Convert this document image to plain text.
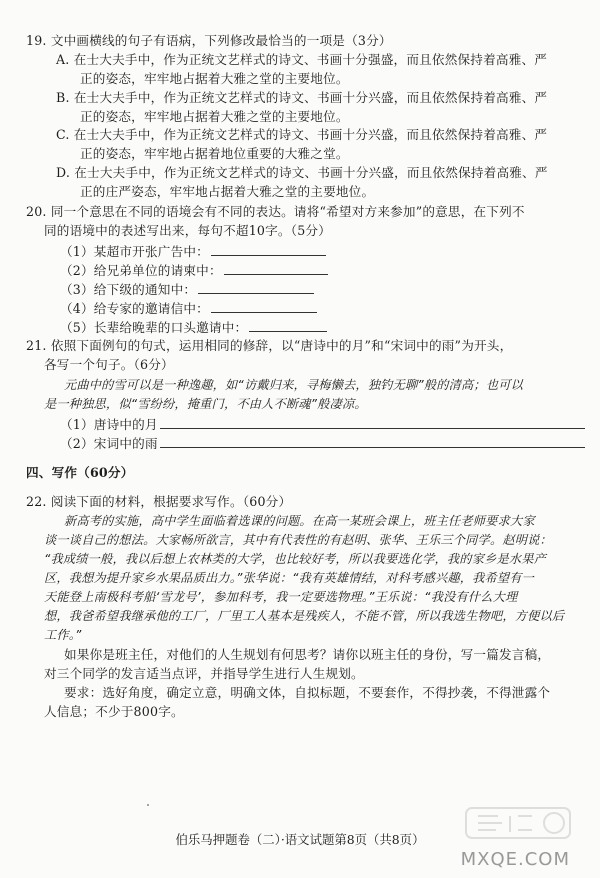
19. 文中画横线的句子有语病，下列修改最恰当的一项是（3分）
A. 在士大夫手中，作为正统文艺样式的诗文、书画十分强盛，而且依然保持着高雅、严
正的姿态，牢牢地占据着大雅之堂的主要地位。
B. 在士大夫手中，作为正统文艺样式的诗文、书画十分兴盛，而且依然保持着高雅、严
正的姿态，牢牢地占据着大雅之堂的主要地位。
C. 在士大夫手中，作为正统文艺样式的诗文、书画十分兴盛，而且依然保持着高雅、严
正的姿态，牢牢地占据着地位重要的大雅之堂。
D. 在士大夫手中，作为正统文艺样式的诗文、书画十分兴盛，而且依然保持着高雅、严
正的庄严姿态，牢牢地占据着大雅之堂的主要地位。
20. 同一个意思在不同的语境会有不同的表达。请将“希望对方来参加”的意思，在下列不
同的语境中的表述写出来，每句不超10字。（5分）
（1）某超市开张广告中：
（2）给兄弟单位的请柬中：
（3）给下级的通知中：
（4）给专家的邀请信中：
（5）长辈给晚辈的口头邀请中：
21. 依照下面例句的句式，运用相同的修辞，以“唐诗中的月”和“宋词中的雨”为开头，
各写一个句子。（6分）
元曲中的雪可以是一种逸趣，如“访戴归来，寻梅懒去，独钓无聊”般的清高；也可以
是一种独思，似“雪纷纷，掩重门，不由人不断魂”般凄凉。
（1）唐诗中的月
（2）宋词中的雨
四、写作（60分）
22. 阅读下面的材料，根据要求写作。（60分）
新高考的实施，高中学生面临着选课的问题。在高一某班会课上，班主任老师要求大家
谈一谈自己的想法。大家畅所欲言，其中有代表性的有赵明、张华、王乐三个同学。赵明说：
“我成绩一般，我以后想上农林类的大学，也比较好考，所以我要选化学，我的家乡是水果产
区，我想为提升家乡水果品质出力。”张华说：“我有英雄情结，对科考感兴趣，我希望有一
天能登上南极科考船‘雪龙号’，参加科考，我一定要选物理。”王乐说：“我没有什么大理
想，我爸希望我继承他的工厂，厂里工人基本是残疾人，不能不管，所以我选生物吧，方便以后
工作。”
如果你是班主任，对他们的人生规划有何思考？请你以班主任的身份，写一篇发言稿，
对三个同学的发言适当点评，并指导学生进行人生规划。
要求：选好角度，确定立意，明确文体，自拟标题，不要套作，不得抄袭，不得泄露个
人信息；不少于800字。
伯乐马押题卷（二）·语文试题第8页（共8页）
MXQE.COM
